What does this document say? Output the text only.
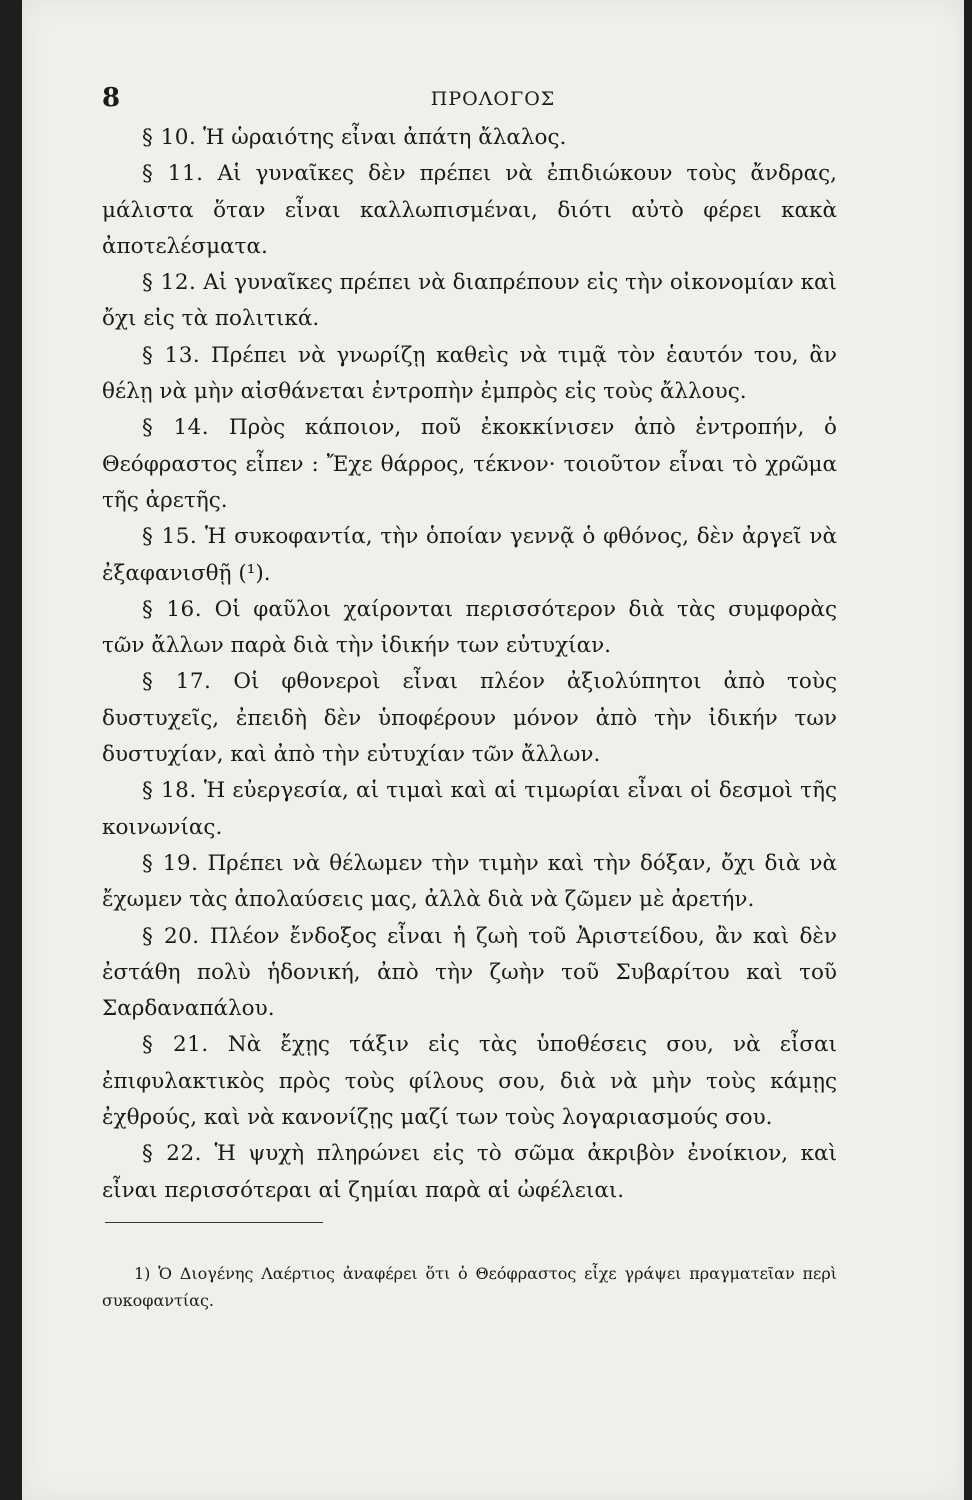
8	ΠΡΟΛΟΓΟΣ

§ 10. Ἡ ὡραιότης εἶναι ἀπάτη ἄλαλος.

§ 11. Αἱ γυναῖκες δὲν πρέπει νὰ ἐπιδιώκουν τοὺς ἄνδρας, μάλιστα ὅταν εἶναι καλλωπισμέναι, διότι αὐτὸ φέρει κακὰ ἀποτελέσματα.

§ 12. Αἱ γυναῖκες πρέπει νὰ διαπρέπουν εἰς τὴν οἰκονομίαν καὶ ὄχι εἰς τὰ πολιτικά.

§ 13. Πρέπει νὰ γνωρίζῃ καθεὶς νὰ τιμᾷ τὸν ἑαυτόν του, ἂν θέλῃ νὰ μὴν αἰσθάνεται ἐντροπὴν ἐμπρὸς εἰς τοὺς ἄλλους.

§ 14. Πρὸς κάποιον, ποῦ ἐκοκκίνισεν ἀπὸ ἐντροπήν, ὁ Θεόφραστος εἶπεν : Ἔχε θάρρος, τέκνον· τοιοῦτον εἶναι τὸ χρῶμα τῆς ἀρετῆς.

§ 15. Ἡ συκοφαντία, τὴν ὁποίαν γεννᾷ ὁ φθόνος, δὲν ἀργεῖ νὰ ἐξαφανισθῇ (¹).

§ 16. Οἱ φαῦλοι χαίρονται περισσότερον διὰ τὰς συμφορὰς τῶν ἄλλων παρὰ διὰ τὴν ἰδικήν των εὐτυχίαν.

§ 17. Οἱ φθονεροὶ εἶναι πλέον ἀξιολύπητοι ἀπὸ τοὺς δυστυχεῖς, ἐπειδὴ δὲν ὑποφέρουν μόνον ἀπὸ τὴν ἰδικήν των δυστυχίαν, καὶ ἀπὸ τὴν εὐτυχίαν τῶν ἄλλων.

§ 18. Ἡ εὐεργεσία, αἱ τιμαὶ καὶ αἱ τιμωρίαι εἶναι οἱ δεσμοὶ τῆς κοινωνίας.

§ 19. Πρέπει νὰ θέλωμεν τὴν τιμὴν καὶ τὴν δόξαν, ὄχι διὰ νὰ ἔχωμεν τὰς ἀπολαύσεις μας, ἀλλὰ διὰ νὰ ζῶμεν μὲ ἀρετήν.

§ 20. Πλέον ἔνδοξος εἶναι ἡ ζωὴ τοῦ Ἀριστείδου, ἂν καὶ δὲν ἐστάθη πολὺ ἡδονική, ἀπὸ τὴν ζωὴν τοῦ Συβαρίτου καὶ τοῦ Σαρδαναπάλου.

§ 21. Νὰ ἔχῃς τάξιν εἰς τὰς ὑποθέσεις σου, νὰ εἶσαι ἐπιφυλακτικὸς πρὸς τοὺς φίλους σου, διὰ νὰ μὴν τοὺς κάμῃς ἐχθρούς, καὶ νὰ κανονίζῃς μαζί των τοὺς λογαριασμούς σου.

§ 22. Ἡ ψυχὴ πληρώνει εἰς τὸ σῶμα ἀκριβὸν ἐνοίκιον, καὶ εἶναι περισσότεραι αἱ ζημίαι παρὰ αἱ ὠφέλειαι.

1) Ὁ Διογένης Λαέρτιος ἀναφέρει ὅτι ὁ Θεόφραστος εἶχε γράψει πραγματεῖαν περὶ συκοφαντίας.
